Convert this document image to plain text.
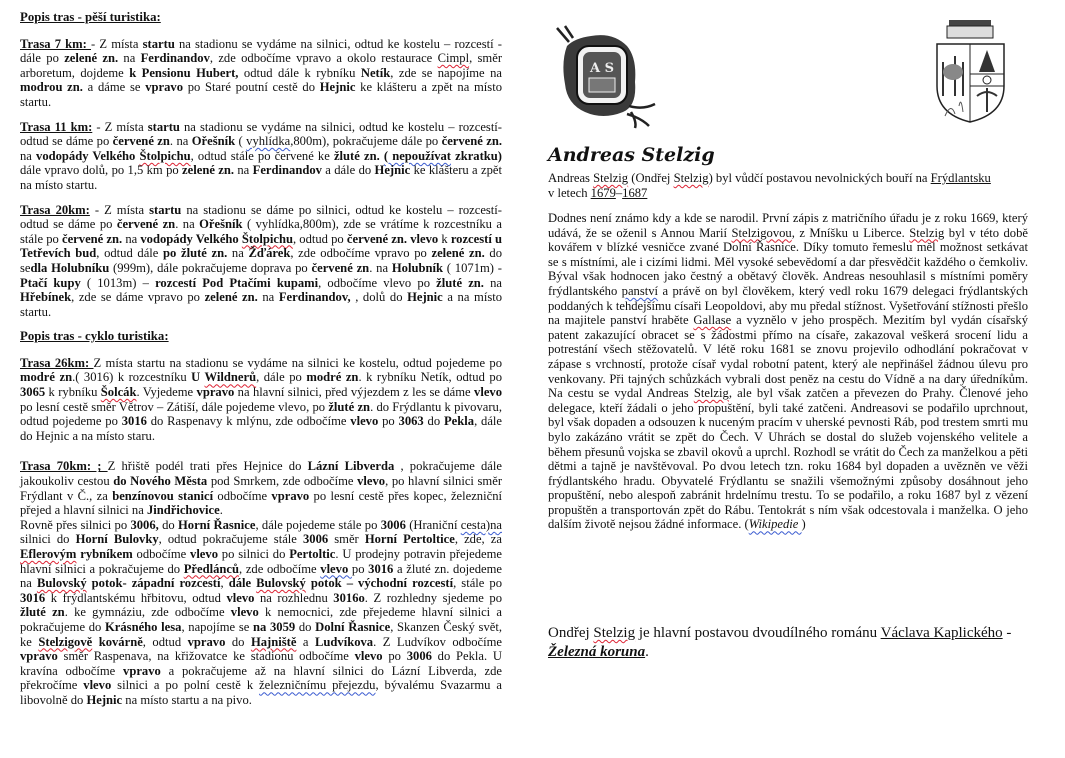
Popis tras - pěší turistika:

Trasa 7 km: - Z místa startu na stadionu se vydáme na silnici, odtud ke kostelu – rozcestí - dále po zelené zn. na Ferdinandov, zde odbočíme vpravo a okolo restaurace Cimpl, směr arboretum, dojdeme k Pensionu Hubert, odtud dále k rybníku Netík, zde se napojíme na modrou zn. a dáme se vpravo po Staré poutní cestě do Hejnic ke klášteru a zpět na místo startu.

Trasa 11 km: - Z místa startu na stadionu se vydáme na silnici, odtud ke kostelu – rozcestí- odtud se dáme po červené zn. na Ořešník ( vyhlídka,800m), pokračujeme dále po červené zn. na vodopády Velkého Štolpichu, odtud stále po červené ke žluté zn. ( nepoužívat zkratku) dále vpravo dolů, po 1,5 km po zelené zn. na Ferdinandov a dále do Hejnic ke klášteru a zpět na místo startu.

Trasa 20km: - Z místa startu na stadionu se dáme po silnici, odtud ke kostelu – rozcestí- odtud se dáme po červené zn. na Ořešník ( vyhlídka,800m), zde se vrátíme k rozcestníku a stále po červené zn. na vodopády Velkého Štolpichu, odtud po červené zn. vlevo k rozcestí u Tetřevích bud, odtud dále po žluté zn. na Žďárek, zde odbočíme vpravo po zelené zn. do sedla Holubníku (999m), dále pokračujeme doprava po červené zn. na Holubník ( 1071m) - Ptačí kupy ( 1013m) – rozcestí Pod Ptačími kupami, odbočíme vlevo po žluté zn. na Hřebínek, zde se dáme vpravo po zelené zn. na Ferdinandov, , dolů do Hejnic a na místo startu.

Popis tras - cyklo turistika:

Trasa 26km: Z místa startu na stadionu se vydáme na silnici ke kostelu, odtud pojedeme po modré zn.( 3016) k rozcestníku U Wildnerů, dále po modré zn. k rybníku Netík, odtud po 3065 k rybníku Šolcák. Vyjedeme vpravo na hlavní silnici, před výjezdem z les se dáme vlevo po lesní cestě směr Větrov – Zátiší, dále pojedeme vlevo, po žluté zn. do Frýdlantu k pivovaru, odtud pojedeme po 3016 do Raspenavy k mlýnu, zde odbočíme vlevo po 3063 do Pekla, dále do Hejnic a na místo staru.

Trasa 70km: ; Z hřiště podél trati přes Hejnice do Lázní Libverda , pokračujeme dále jakoukoliv cestou do Nového Města pod Smrkem, zde odbočíme vlevo, po hlavní silnici směr Frýdlant v Č., za benzínovou stanicí odbočíme vpravo po lesní cestě přes kopec, železniční přejed a hlavní silnici na Jindřichovice.
Rovně přes silnici po 3006, do Horní Řasnice, dále pojedeme stále po 3006 (Hraniční cesta)na silnici do Horní Bulovky, odtud pokračujeme stále 3006 směr Horní Pertoltice, zde, za Eflerovým rybníkem odbočíme vlevo po silnici do Pertoltic. U prodejny potravin přejedeme hlavní silnici a pokračujeme do Předlánců, zde odbočíme vlevo po 3016 a žluté zn. dojedeme na Bulovský potok- západní rozcestí, dále Bulovský potok – východní rozcestí, stále po 3016 k frýdlantskému hřbitovu, odtud vlevo na rozhlednu 3016o. Z rozhledny sjedeme po žluté zn. ke gymnáziu, zde odbočíme vlevo k nemocnici, zde přejedeme hlavní silnici a pokračujeme do Krásného lesa, napojíme se na 3059 do Dolní Řasnice, Skanzen Český svět, ke Stelzigově kovárně, odtud vpravo do Hajniště a Ludvíkova. Z Ludvíkov odbočíme vpravo směr Raspenava, na křižovatce ke stadionu odbočíme vlevo po 3006 do Pekla. U kravína odbočíme vpravo a pokračujeme až na hlavní silnici do Lázní Libverda, zde překročíme vlevo silnici a po polní cestě k železničnímu přejezdu, bývalému Svazarmu a libovolně do Hejnic na místo startu a na pivo.

A S
Andreas Stelzig
Andreas Stelzig (Ondřej Stelzig) byl vůdčí postavou nevolnických bouří na Frýdlantsku
v letech 1679–1687
Dodnes není známo kdy a kde se narodil. První zápis z matričního úřadu je z roku 1669, který udává, že se oženil s Annou Marií Stelzigovou, z Mníšku u Liberce. Stelzig byl v této době kovářem v blízké vesničce zvané Dolní Řasnice. Díky tomuto řemeslu měl možnost setkávat se s místními, ale i cizími lidmi. Měl vysoké sebevědomí a dar přesvědčit každého o čemkoliv. Býval však hodnocen jako čestný a obětavý člověk. Andreas nesouhlasil s místními poměry frýdlantského panství a právě on byl člověkem, který vedl roku 1679 delegaci frýdlantských poddaných k tehdejšímu císaři Leopoldovi, aby mu předal stížnost. Vyšetřování stížnosti přešlo na majitele panství hraběte Gallase a vyznělo v jeho prospěch. Mezitím byl vydán císařský patent zakazující obracet se s žádostmi přímo na císaře, zakazoval veškerá srocení lidu a potrestání všech stěžovatelů. V létě roku 1681 se znovu projevilo odhodlání pokračovat v zápase s vrchností, protože císař vydal robotní patent, který ale nepřinášel žádnou úlevu pro venkovany. Při tajných schůzkách vybrali dost peněz na cestu do Vídně a na dary úředníkům. Na cestu se vydal Andreas Stelzig, ale byl však zatčen a převezen do Prahy. Členové jeho delegace, kteří žádali o jeho propuštění, byli také zatčeni. Andreasovi se podařilo uprchnout, byl však dopaden a odsouzen k nuceným pracím v uherské pevnosti Ráb, pod trestem smrti mu bylo zakázáno vrátit se zpět do Čech. V Uhrách se dostal do služeb vojenského velitele a během přesunů vojska se zbavil okovů a uprchl. Rozhodl se vrátit do Čech za manželkou a pěti dětmi a tajně je navštěvoval. Po dvou letech tzn. roku 1684 byl dopaden a uvězněn ve věži frýdlantského hradu. Obyvatelé Frýdlantu se snažili všemožnými způsoby dosáhnout jeho propuštění, nebo alespoň zabránit hrdelnímu trestu. To se podařilo, a roku 1687 byl z vězení propuštěn a transportován zpět do Rábu. Tentokrát s ním však odcestovala i manželka. O jeho dalším životě nejsou žádné informace. (Wikipedie )
Ondřej Stelzig je hlavní postavou dvoudílného románu Václava Kaplického - Železná koruna.
